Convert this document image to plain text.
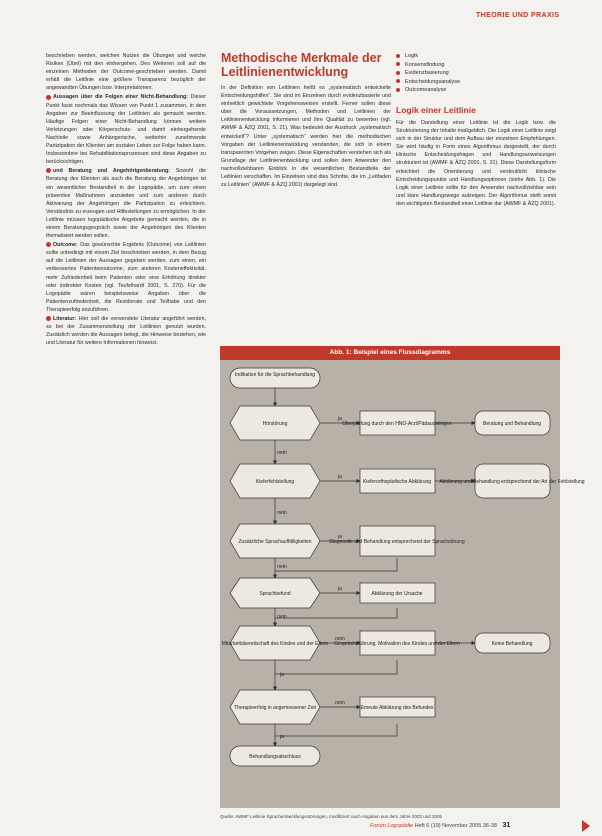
THEORIE UND PRAXIS

beschrieben werden, welchen Nutzen die Übungen und welche Risiken (Übel) mit den einhergehen. Des Weiteren soll auf die einzelnen Methoden der Outcome-geschrieben werden. Damit erhält die Leitlinie eine größere Transparenz bezüglich der angewandten Übungen bzw. Interpretationen.

Aussagen über die Folgen einer Nicht-Behandlung: Dieser Punkt fasst nochmals das Wissen von Punkt 1 zusammen, in dem Angaben zur Beeinflussung der Leitlinien als gemacht werden. Häufige Folgen einer Nicht-Behandlung können weitere Verletzungen oder Körperschutz- und damit einhergehende Nachteile sowie Anhängerische, weiterhin zunehmende Partizipation der Klienten am sozialen Leben zur Folge haben kann. Insbesondere bei Rehabilitationsprozessen sind diese Angaben zu berücksichtigen.

und Beratung und Angehörigenberatung: Sowohl die Beratung des Klienten als auch die Beratung der Angehörigen ist ein wesentlicher Bestandteil in der Logopädie, um zum einen präventive Maßnahmen anzuleiten und zum anderen durch Aktivierung der Angehörigen die Partizipation zu erleichtern. Verständnis zu erzeugen und Hilfestellungen zu ermöglichen. In der Leitlinie müssen logopädische Angebote gemacht werden, die in einem Beratungsgespräch sowie der Angehörigen des Klienten thematisiert werden sollen.

Outcome: Das gewünschte Ergebnis (Outcome) von Leitlinien sollte unbedingt mit einem Ziel beschrieben werden, in dem Bezug auf die Leitlinien der Aussagen gegeben werden, zum einen, ein verbessertes Patientenoutcome, zum anderen Kosteneffektivität, mehr Zufriedenheit beim Patienten oder eine Erhöhung direkter oder indirekter Kosten (vgl. Teufelhardt 2001, S. 270). Für die Logopädie wären beispielsweise Angaben über die Patientenzufriedenheit, die Rezidivrate und Teilhabe und den Therapieerfolg anzuführen.

Literatur: Hier soll die verwendete Literatur angeführt werden, so bei der Zusammenstellung der Leitlinien genutzt wurden. Zusätzlich werden die Aussagen belegt, die Hinweise beziehen, wie und Literatur für weitere Informationen hinweist.

Methodische Merkmale der Leitlinienentwicklung
In der Definition von Leitlinien heißt es „systematisch entwickelte Entscheidungshilfen“. Sie sind im Einzelnen durch evidenzbasierte und einheitlich gewichtete Vorgehensweisen erstellt. Ferner sollen diese über die Voraussetzungen, Methoden und Leitlinien der Leitlinienentwicklung informieren und ihre Qualität zu bewerten (vgl. AWMF & ÄZQ 2001, S. 21). Was bedeutet der Ausdruck „systematisch entwickelt“? Unter „systematisch“ werden hier die methodischen Vorgaben der Leitlinienentwicklung verstanden, die sich in einem transparenten Vorgehen zeigen. Diese Eigenschaften verstehen sich als Grundlage der Leitlinienentwicklung und sollen dem Anwender den nachvollziehbaren Einblick in die wesentlichen Bestandteile der Leitlinien verschaffen. Im Einzelnen sind dies Schritte, die im „Leitfaden zu Leitlinien“ (AWMF & ÄZQ 2001) dargelegt sind.
Logik
Konsensfindung
Evidenzbasierung
Entscheidungsanalyse
Outcomeanalyse
Logik einer Leitlinie
Für die Darstellung einer Leitlinie ist die Logik bzw. die Strukturierung der Inhalte maßgeblich. Die Logik einer Leitlinie zeigt sich in der Struktur und dem Aufbau der einzelnen Empfehlungen. Sie wird häufig in Form eines Algorithmus dargestellt, der durch klinische Entscheidungsfragen und Handlungsanweisungen strukturiert ist (AWMF & ÄZQ 2001, S. 21). Diese Darstellungsform erleichtert die Orientierung und verdeutlicht klinische Entscheidungspunkte und Handlungsoptionen (siehe Abb. 1). Die Logik einer Leitlinie sollte für den Anwender nachvollziehbar sein und klare Handlungswege aufzeigen. Der Algorithmus stellt somit den wichtigsten Bestandteil einer Leitlinie dar (AWMF & ÄZQ 2001).
Indikation für die Sprachbehandlung
Hörstörung	Überprüfung durch den HNO-Arzt/Pädaudiologen	Beratung und Behandlung
Kieferfehlstellung	Kieferorthopädische Abklärung Abklärung und Behandlung entsprechend der Art der Fehlstellung
Zusätzliche Sprachauffälligkeiten	Diagnostik und Behandlung entsprechend der Sprachstörung
Sprachbefund	Abklärung der Ursache
Mitarbeitsbereitschaft des Kindes und der Eltern Gesprächsführung, Motivation des Kindes und der Eltern	Keine Behandlung
Therapieerfolg in angemessener Zeit	Erneute Abklärung des Befundes
Behandlungsabschluss
ja
nein
ja
nein
ja
nein
ja
nein
nein
ja
nein
ja
Abb. 1: Beispiel eines Flussdiagramms
Quelle: AWMF Leitlinie Sprachentwicklungsstörungen, modifiziert nach Angaben aus dem Jahre 2003 und 2005
Forum Logopädie Heft 6 (19) November 2005 36-38 31
